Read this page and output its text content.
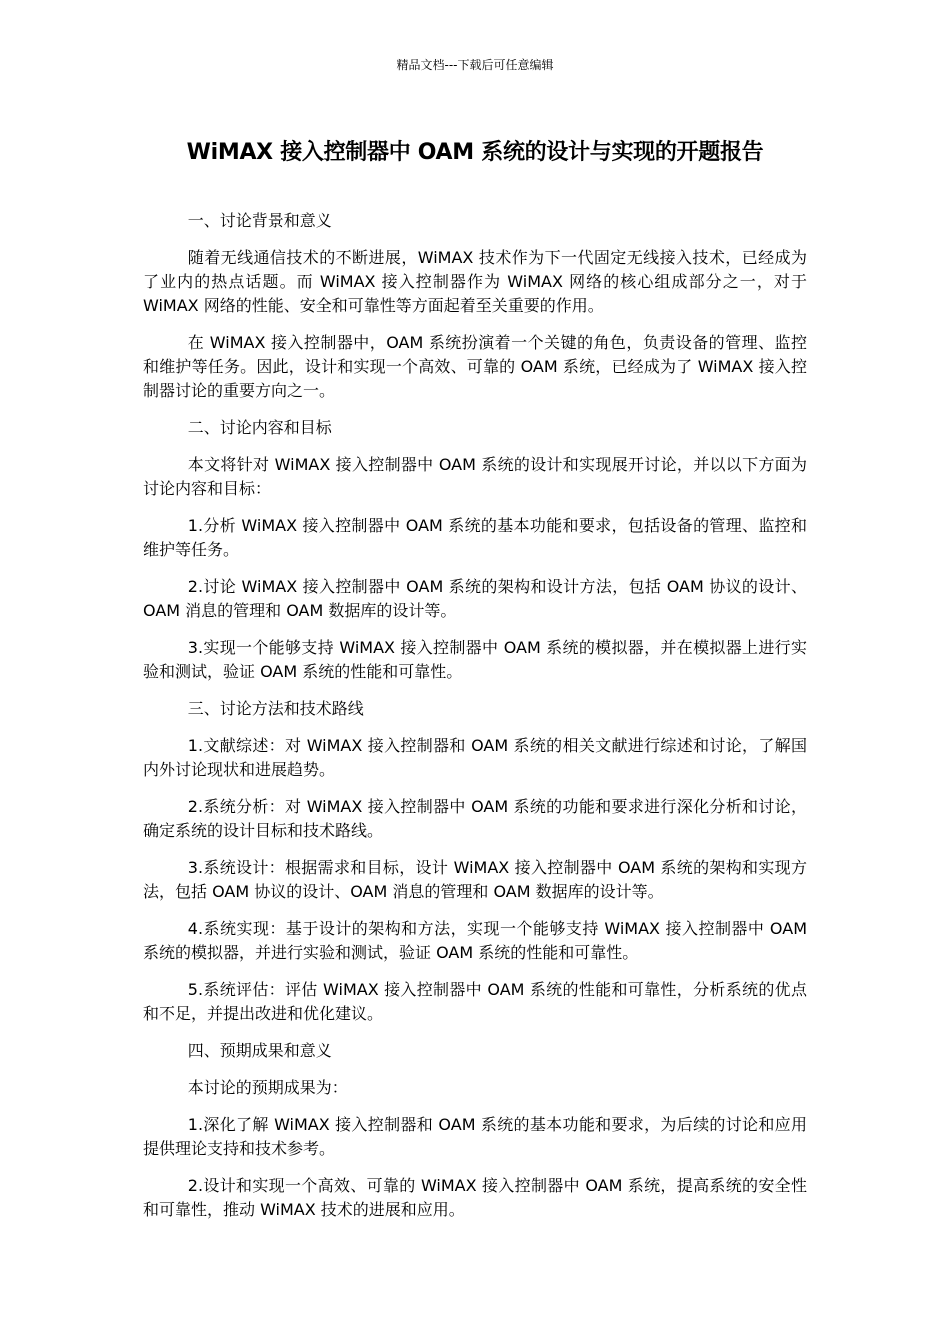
精品文档---下载后可任意编辑
WiMAX 接入控制器中 OAM 系统的设计与实现的开题报告

一、讨论背景和意义

随着无线通信技术的不断进展，WiMAX 技术作为下一代固定无线接入技术，已经成为了业内的热点话题。而 WiMAX 接入控制器作为 WiMAX 网络的核心组成部分之一，对于 WiMAX 网络的性能、安全和可靠性等方面起着至关重要的作用。

在 WiMAX 接入控制器中，OAM 系统扮演着一个关键的角色，负责设备的管理、监控和维护等任务。因此，设计和实现一个高效、可靠的 OAM 系统，已经成为了 WiMAX 接入控制器讨论的重要方向之一。

二、讨论内容和目标

本文将针对 WiMAX 接入控制器中 OAM 系统的设计和实现展开讨论，并以以下方面为讨论内容和目标：

1.分析 WiMAX 接入控制器中 OAM 系统的基本功能和要求，包括设备的管理、监控和维护等任务。

2.讨论 WiMAX 接入控制器中 OAM 系统的架构和设计方法，包括 OAM 协议的设计、OAM 消息的管理和 OAM 数据库的设计等。

3.实现一个能够支持 WiMAX 接入控制器中 OAM 系统的模拟器，并在模拟器上进行实验和测试，验证 OAM 系统的性能和可靠性。

三、讨论方法和技术路线

1.文献综述：对 WiMAX 接入控制器和 OAM 系统的相关文献进行综述和讨论，了解国内外讨论现状和进展趋势。

2.系统分析：对 WiMAX 接入控制器中 OAM 系统的功能和要求进行深化分析和讨论，确定系统的设计目标和技术路线。

3.系统设计：根据需求和目标，设计 WiMAX 接入控制器中 OAM 系统的架构和实现方法，包括 OAM 协议的设计、OAM 消息的管理和 OAM 数据库的设计等。

4.系统实现：基于设计的架构和方法，实现一个能够支持 WiMAX 接入控制器中 OAM 系统的模拟器，并进行实验和测试，验证 OAM 系统的性能和可靠性。

5.系统评估：评估 WiMAX 接入控制器中 OAM 系统的性能和可靠性，分析系统的优点和不足，并提出改进和优化建议。

四、预期成果和意义

本讨论的预期成果为：

1.深化了解 WiMAX 接入控制器和 OAM 系统的基本功能和要求，为后续的讨论和应用提供理论支持和技术参考。

2.设计和实现一个高效、可靠的 WiMAX 接入控制器中 OAM 系统，提高系统的安全性和可靠性，推动 WiMAX 技术的进展和应用。
